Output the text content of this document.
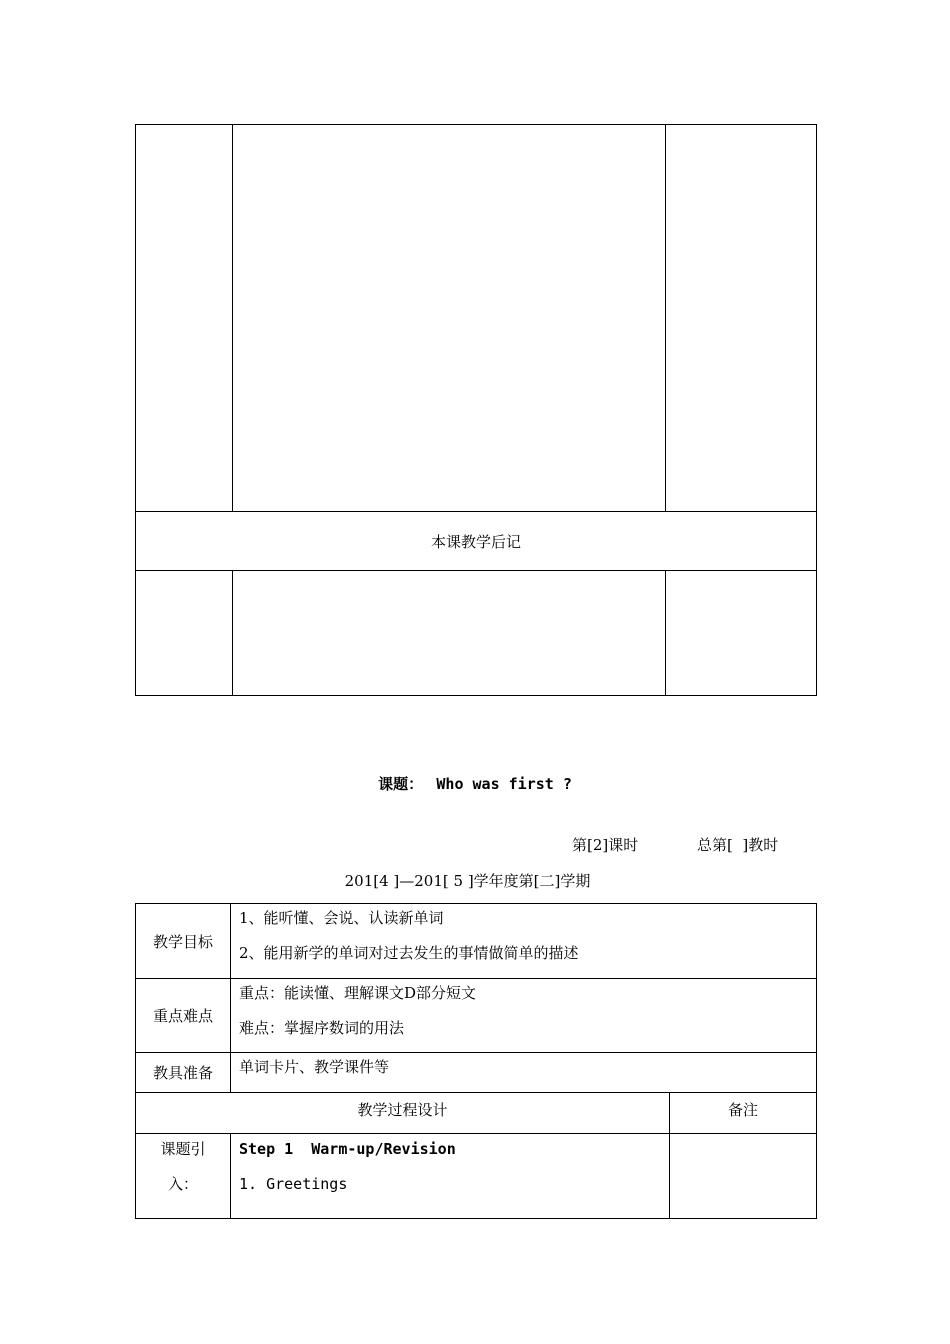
本课教学后记		

课题： Who was first ?
第[2]课时	总第[  ]教时
201[4 ]—201[ 5 ]学年度第[二]学期
教学目标	1、能听懂、会说、认读新单词
2、能用新学的单词对过去发生的事情做简单的描述	

重点难点	重点：能读懂、理解课文D部分短文
难点：掌握序数词的用法	

教具准备	单词卡片、教学课件等	

教学过程设计		备注

课题引
入：	Step 1  Warm-up/Revision
1. Greetings	
